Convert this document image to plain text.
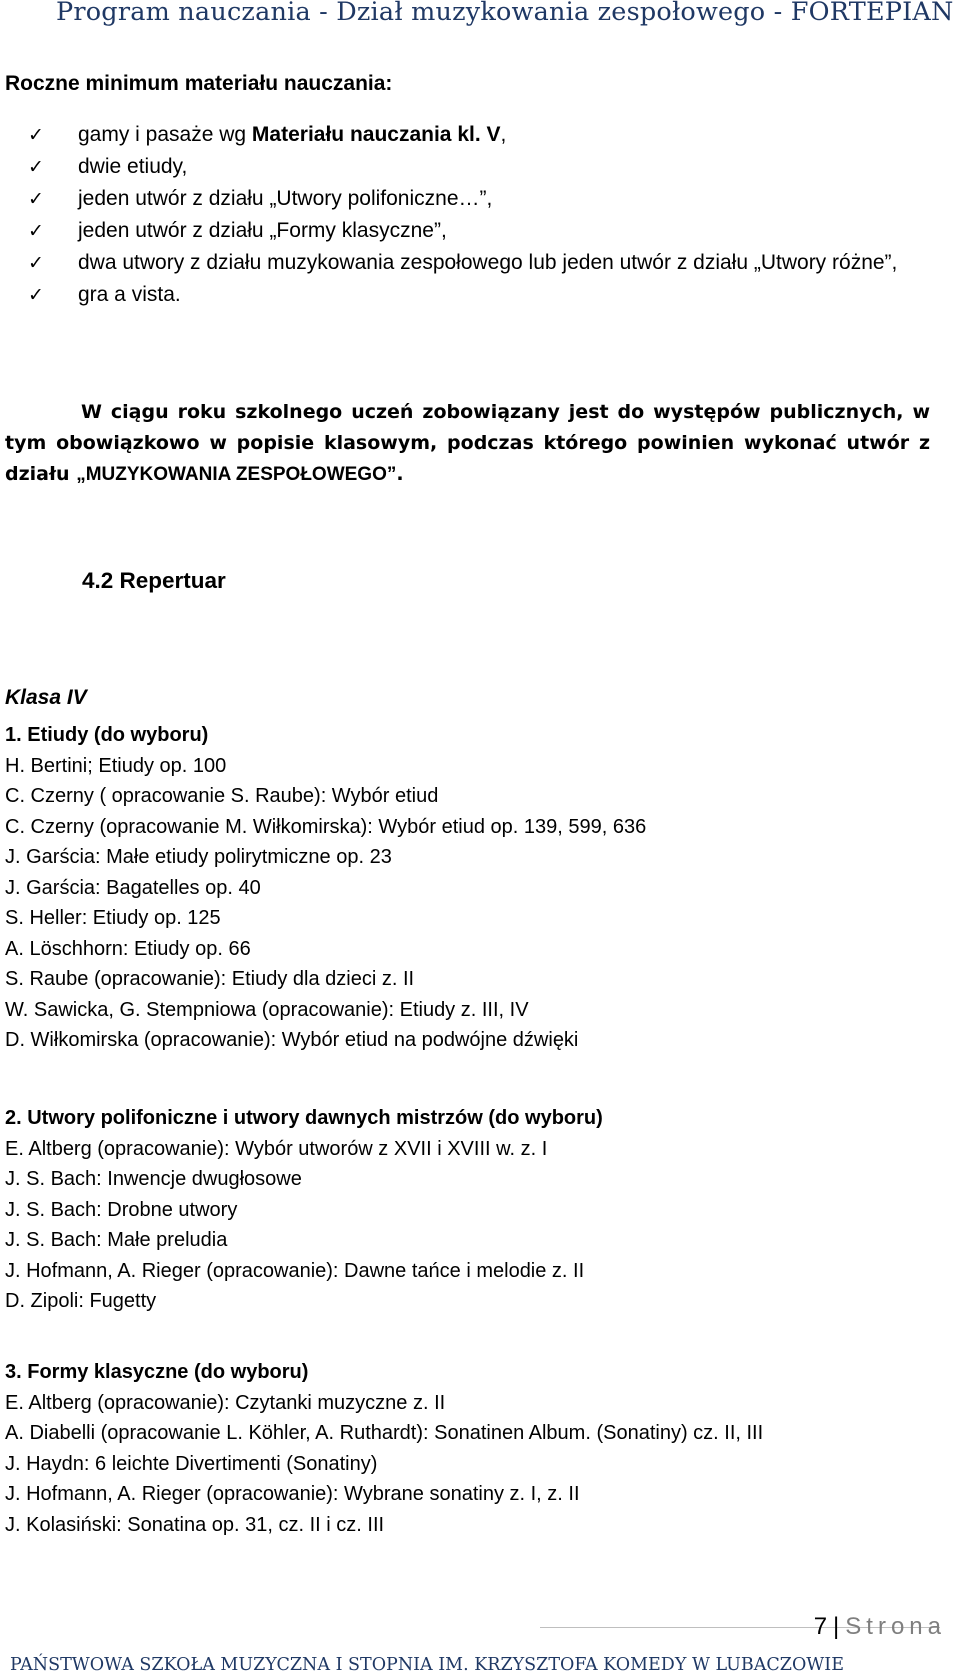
Program nauczania - Dział muzykowania zespołowego - FORTEPIAN
Roczne minimum materiału nauczania:
✓	gamy i pasaże wg Materiału nauczania kl. V,
✓	dwie etiudy,
✓	jeden utwór z działu „Utwory polifoniczne…”,
✓	jeden utwór z działu „Formy klasyczne”,
✓	dwa utwory z działu muzykowania zespołowego lub jeden utwór z działu „Utwory różne”,
✓	gra a vista.
W ciągu roku szkolnego uczeń zobowiązany jest do występów publicznych, w tym obowiązkowo w popisie klasowym, podczas którego powinien wykonać utwór z działu „MUZYKOWANIA ZESPOŁOWEGO”.
4.2 Repertuar
Klasa IV
1. Etiudy (do wyboru)
H. Bertini; Etiudy op. 100
C. Czerny ( opracowanie S. Raube): Wybór etiud
C. Czerny (opracowanie M. Wiłkomirska): Wybór etiud op. 139, 599, 636
J. Garścia: Małe etiudy polirytmiczne op. 23
J. Garścia: Bagatelles op. 40
S. Heller: Etiudy op. 125
A. Löschhorn: Etiudy op. 66
S. Raube (opracowanie): Etiudy dla dzieci z. II
W. Sawicka, G. Stempniowa (opracowanie): Etiudy z. III, IV
D. Wiłkomirska (opracowanie): Wybór etiud na podwójne dźwięki
2. Utwory polifoniczne i utwory dawnych mistrzów (do wyboru)
E. Altberg (opracowanie): Wybór utworów z XVII i XVIII w. z. I
J. S. Bach: Inwencje dwugłosowe
J. S. Bach: Drobne utwory
J. S. Bach: Małe preludia
J. Hofmann, A. Rieger (opracowanie): Dawne tańce i melodie z. II
D. Zipoli: Fugetty
3. Formy klasyczne (do wyboru)
E. Altberg (opracowanie): Czytanki muzyczne z. II
A. Diabelli (opracowanie L. Köhler, A. Ruthardt): Sonatinen Album. (Sonatiny) cz. II, III
J. Haydn: 6 leichte Divertimenti (Sonatiny)
J. Hofmann, A. Rieger (opracowanie): Wybrane sonatiny z. I, z. II
J. Kolasiński: Sonatina op. 31, cz. II i cz. III
7 | Strona
PAŃSTWOWA SZKOŁA MUZYCZNA I STOPNIA IM. KRZYSZTOFA KOMEDY W LUBACZOWIE
